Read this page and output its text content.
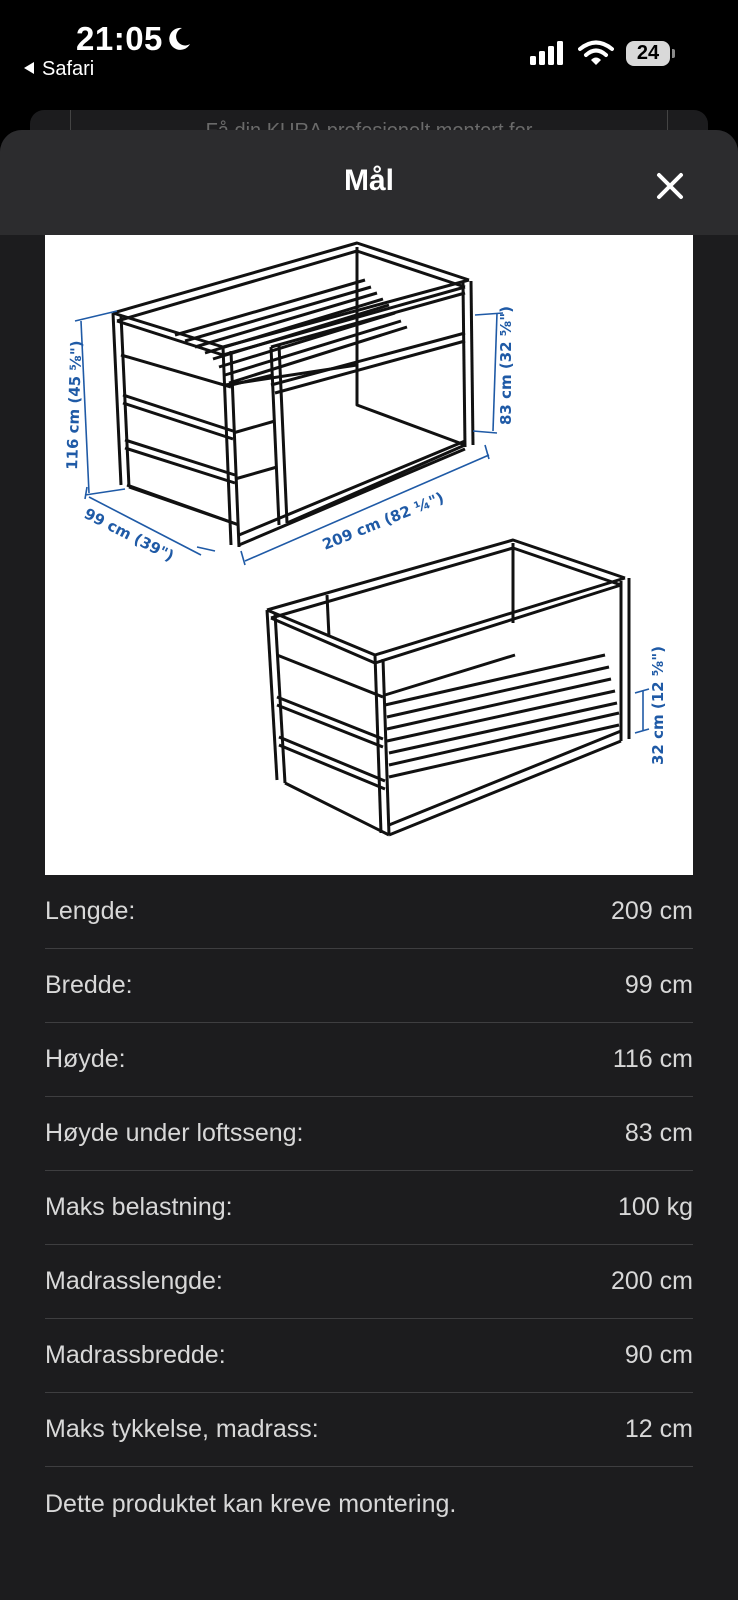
21:05
Safari
24
Mål
116 cm (45 ⅝")
99 cm (39")	209 cm (82 ¼")
83 cm (32 ⅝")
32 cm (12 ⅝")
Lengde:	209 cm
Bredde:	99 cm
Høyde:	116 cm
Høyde under loftsseng:	83 cm
Maks belastning:	100 kg
Madrasslengde:	200 cm
Madrassbredde:	90 cm
Maks tykkelse, madrass:	12 cm
Dette produktet kan kreve montering.
